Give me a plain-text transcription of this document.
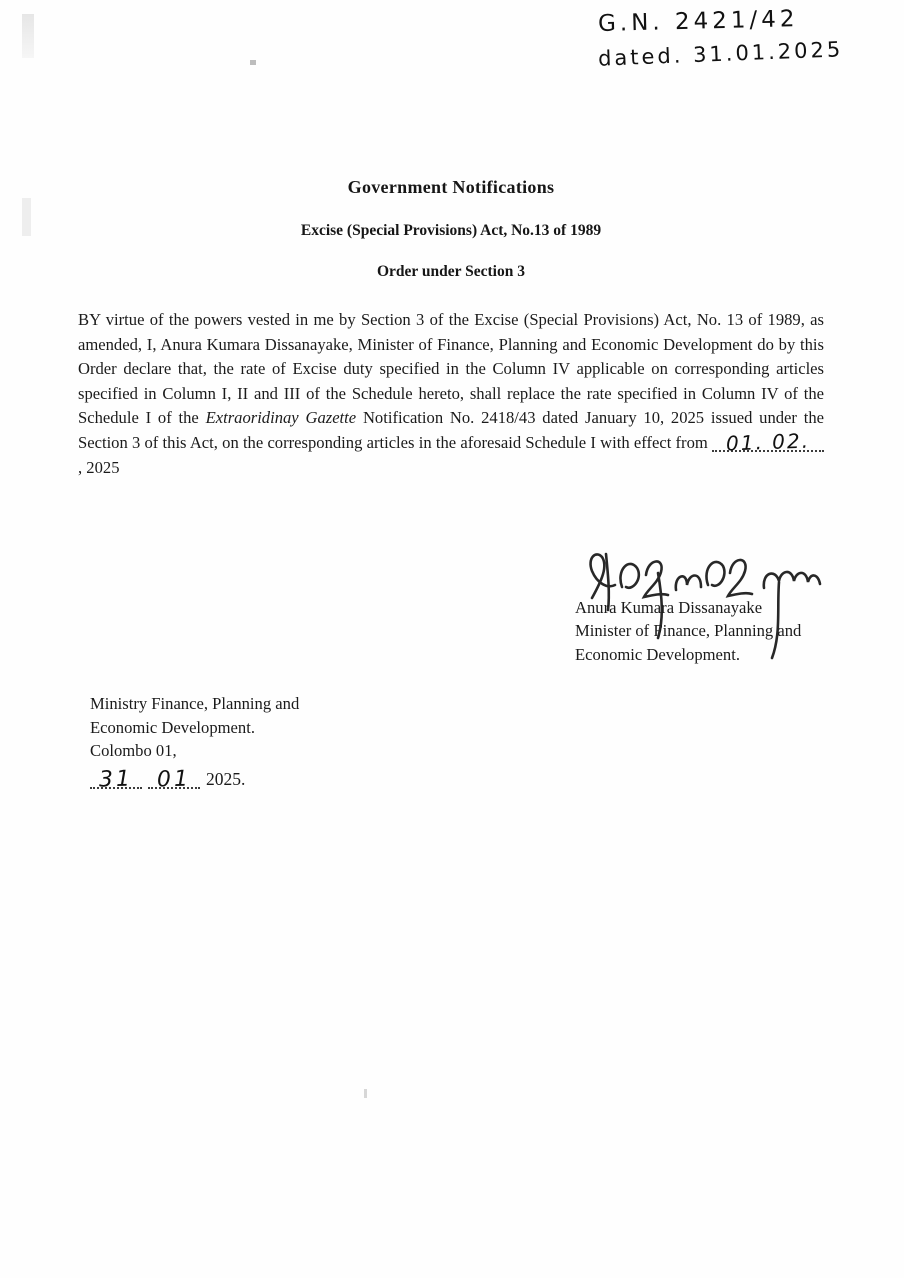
G.N. 2421/42
dated. 31.01.2025
Government Notifications
Excise (Special Provisions) Act, No.13 of 1989
Order under Section 3

BY virtue of the powers vested in me by Section 3 of the Excise (Special Provisions) Act, No. 13 of 1989, as amended, I, Anura Kumara Dissanayake, Minister of Finance, Planning and Economic Development do by this Order declare that, the rate of Excise duty specified in the Column IV applicable on corresponding articles specified in Column I, II and III of the Schedule hereto, shall replace the rate specified in Column IV of the Schedule I of the Extraoridinay Gazette Notification No. 2418/43 dated January 10, 2025 issued under the Section 3 of this Act, on the corresponding articles in the aforesaid Schedule I with effect from 01. 02., 2025

Anura Kumara Dissanayake
Minister of Finance, Planning and
Economic Development.
Ministry Finance, Planning and
Economic Development.
Colombo 01,
31 01 2025.
